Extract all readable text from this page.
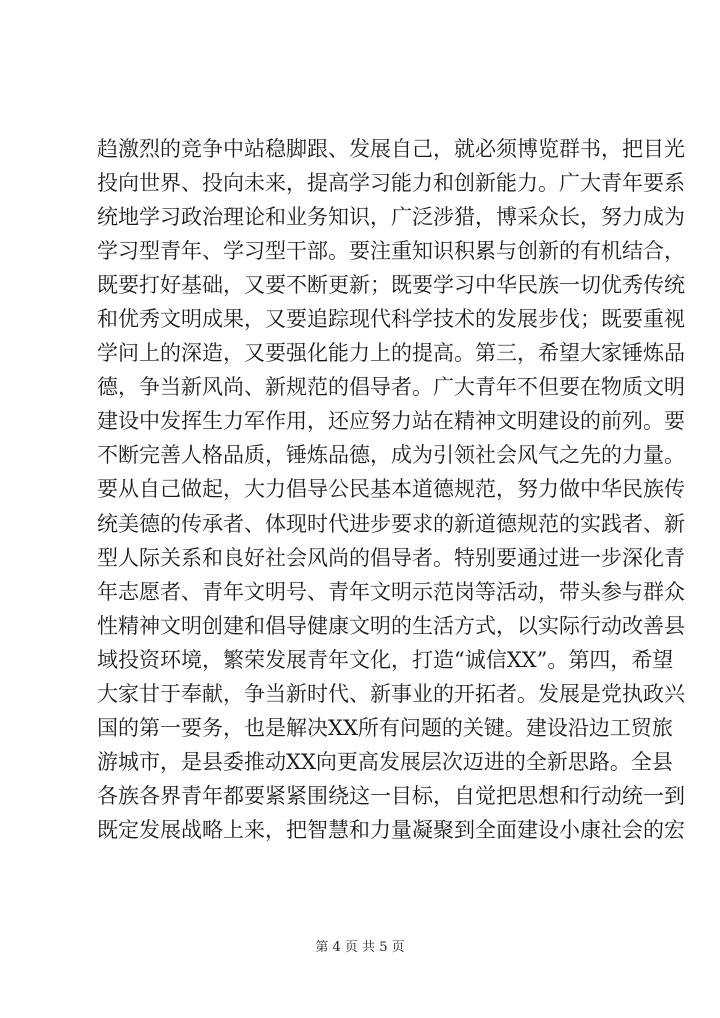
趋激烈的竞争中站稳脚跟、发展自己，就必须博览群书，把目光
投向世界、投向未来，提高学习能力和创新能力。广大青年要系
统地学习政治理论和业务知识，广泛涉猎，博采众长，努力成为
学习型青年、学习型干部。要注重知识积累与创新的有机结合，
既要打好基础，又要不断更新；既要学习中华民族一切优秀传统
和优秀文明成果，又要追踪现代科学技术的发展步伐；既要重视
学问上的深造，又要强化能力上的提高。第三，希望大家锤炼品
德，争当新风尚、新规范的倡导者。广大青年不但要在物质文明
建设中发挥生力军作用，还应努力站在精神文明建设的前列。要
不断完善人格品质，锤炼品德，成为引领社会风气之先的力量。
要从自己做起，大力倡导公民基本道德规范，努力做中华民族传
统美德的传承者、体现时代进步要求的新道德规范的实践者、新
型人际关系和良好社会风尚的倡导者。特别要通过进一步深化青
年志愿者、青年文明号、青年文明示范岗等活动，带头参与群众
性精神文明创建和倡导健康文明的生活方式，以实际行动改善县
域投资环境，繁荣发展青年文化，打造“诚信XX”。第四，希望
大家甘于奉献，争当新时代、新事业的开拓者。发展是党执政兴
国的第一要务，也是解决XX所有问题的关键。建设沿边工贸旅
游城市，是县委推动XX向更高发展层次迈进的全新思路。全县
各族各界青年都要紧紧围绕这一目标，自觉把思想和行动统一到
既定发展战略上来，把智慧和力量凝聚到全面建设小康社会的宏
第 4 页 共 5 页
